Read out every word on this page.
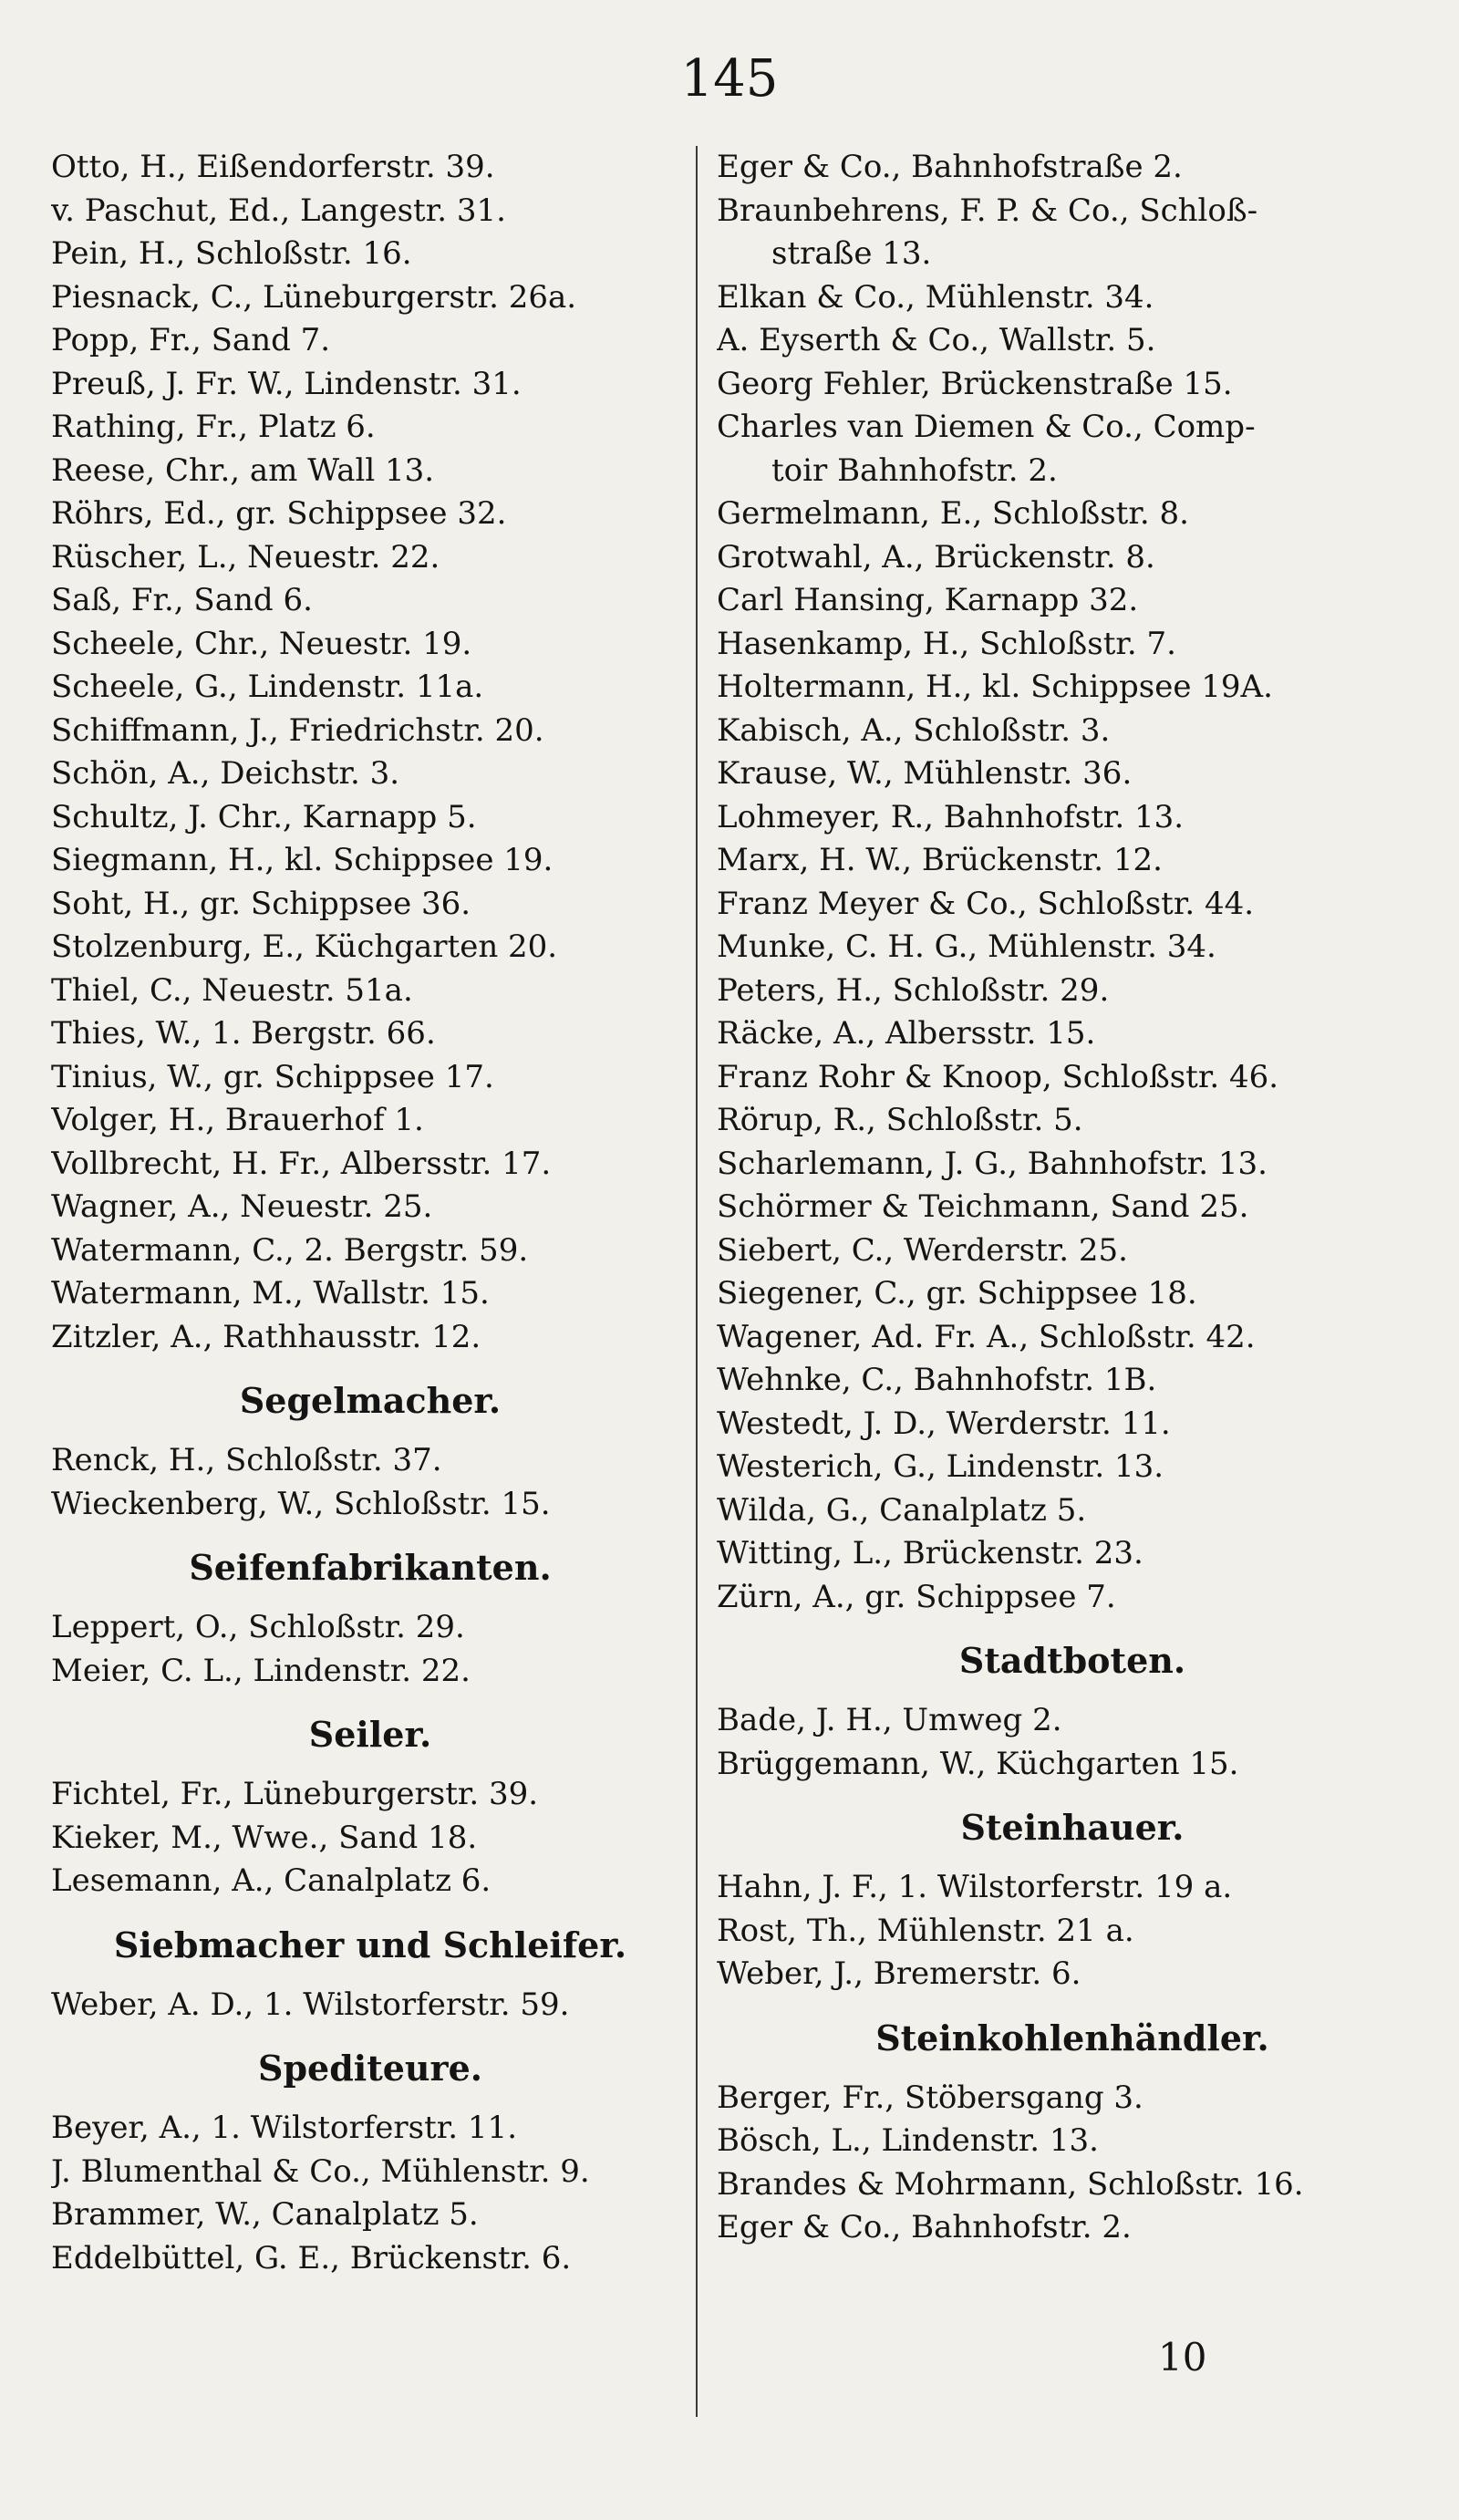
145
Otto, H., Eißendorferstr. 39.
v. Paschut, Ed., Langestr. 31.
Pein, H., Schloßstr. 16.
Piesnack, C., Lüneburgerstr. 26a.
Popp, Fr., Sand 7.
Preuß, J. Fr. W., Lindenstr. 31.
Rathing, Fr., Platz 6.
Reese, Chr., am Wall 13.
Röhrs, Ed., gr. Schippsee 32.
Rüscher, L., Neuestr. 22.
Saß, Fr., Sand 6.
Scheele, Chr., Neuestr. 19.
Scheele, G., Lindenstr. 11a.
Schiffmann, J., Friedrichstr. 20.
Schön, A., Deichstr. 3.
Schultz, J. Chr., Karnapp 5.
Siegmann, H., kl. Schippsee 19.
Soht, H., gr. Schippsee 36.
Stolzenburg, E., Küchgarten 20.
Thiel, C., Neuestr. 51a.
Thies, W., 1. Bergstr. 66.
Tinius, W., gr. Schippsee 17.
Volger, H., Brauerhof 1.
Vollbrecht, H. Fr., Albersstr. 17.
Wagner, A., Neuestr. 25.
Watermann, C., 2. Bergstr. 59.
Watermann, M., Wallstr. 15.
Zitzler, A., Rathhausstr. 12.
Segelmacher.
Renck, H., Schloßstr. 37.
Wieckenberg, W., Schloßstr. 15.
Seifenfabrikanten.
Leppert, O., Schloßstr. 29.
Meier, C. L., Lindenstr. 22.
Seiler.
Fichtel, Fr., Lüneburgerstr. 39.
Kieker, M., Wwe., Sand 18.
Lesemann, A., Canalplatz 6.
Siebmacher und Schleifer.
Weber, A. D., 1. Wilstorferstr. 59.
Spediteure.
Beyer, A., 1. Wilstorferstr. 11.
J. Blumenthal & Co., Mühlenstr. 9.
Brammer, W., Canalplatz 5.
Eddelbüttel, G. E., Brückenstr. 6.
Eger & Co., Bahnhofstraße 2.
Braunbehrens, F. P. & Co., Schloß-
straße 13.
Elkan & Co., Mühlenstr. 34.
A. Eyserth & Co., Wallstr. 5.
Georg Fehler, Brückenstraße 15.
Charles van Diemen & Co., Comp-
toir Bahnhofstr. 2.
Germelmann, E., Schloßstr. 8.
Grotwahl, A., Brückenstr. 8.
Carl Hansing, Karnapp 32.
Hasenkamp, H., Schloßstr. 7.
Holtermann, H., kl. Schippsee 19A.
Kabisch, A., Schloßstr. 3.
Krause, W., Mühlenstr. 36.
Lohmeyer, R., Bahnhofstr. 13.
Marx, H. W., Brückenstr. 12.
Franz Meyer & Co., Schloßstr. 44.
Munke, C. H. G., Mühlenstr. 34.
Peters, H., Schloßstr. 29.
Räcke, A., Albersstr. 15.
Franz Rohr & Knoop, Schloßstr. 46.
Rörup, R., Schloßstr. 5.
Scharlemann, J. G., Bahnhofstr. 13.
Schörmer & Teichmann, Sand 25.
Siebert, C., Werderstr. 25.
Siegener, C., gr. Schippsee 18.
Wagener, Ad. Fr. A., Schloßstr. 42.
Wehnke, C., Bahnhofstr. 1B.
Westedt, J. D., Werderstr. 11.
Westerich, G., Lindenstr. 13.
Wilda, G., Canalplatz 5.
Witting, L., Brückenstr. 23.
Zürn, A., gr. Schippsee 7.
Stadtboten.
Bade, J. H., Umweg 2.
Brüggemann, W., Küchgarten 15.
Steinhauer.
Hahn, J. F., 1. Wilstorferstr. 19 a.
Rost, Th., Mühlenstr. 21 a.
Weber, J., Bremerstr. 6.
Steinkohlenhändler.
Berger, Fr., Stöbersgang 3.
Bösch, L., Lindenstr. 13.
Brandes & Mohrmann, Schloßstr. 16.
Eger & Co., Bahnhofstr. 2.
10
